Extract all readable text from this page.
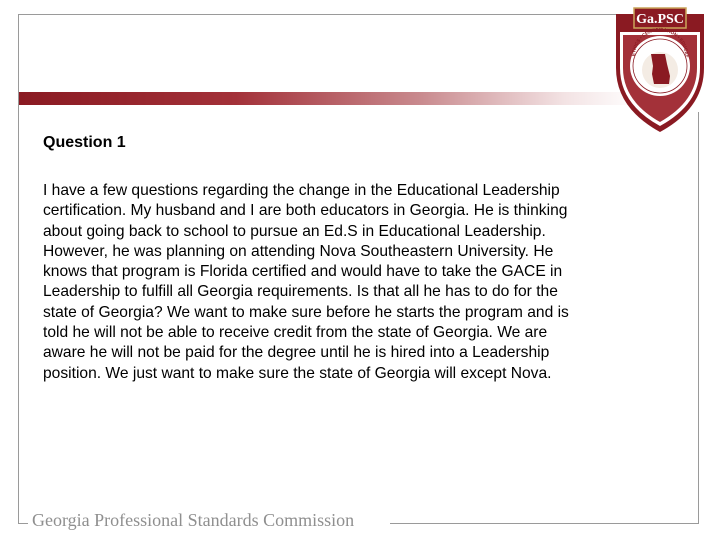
Ga.PSC
ETHICS • CERTIFICATION • EDUCAT
Question 1
I have a few questions regarding the change in the Educational Leadership
certification. My husband and I are both educators in Georgia. He is thinking
about going back to school to pursue an Ed.S in Educational Leadership.
However, he was planning on attending Nova Southeastern University. He
knows that program is Florida certified and would have to take the GACE in
Leadership to fulfill all Georgia requirements. Is that all he has to do for the
state of Georgia? We want to make sure before he starts the program and is
told he will not be able to receive credit from the state of Georgia. We are
aware he will not be paid for the degree until he is hired into a Leadership
position. We just want to make sure the state of Georgia will except Nova.
Georgia Professional Standards Commission
